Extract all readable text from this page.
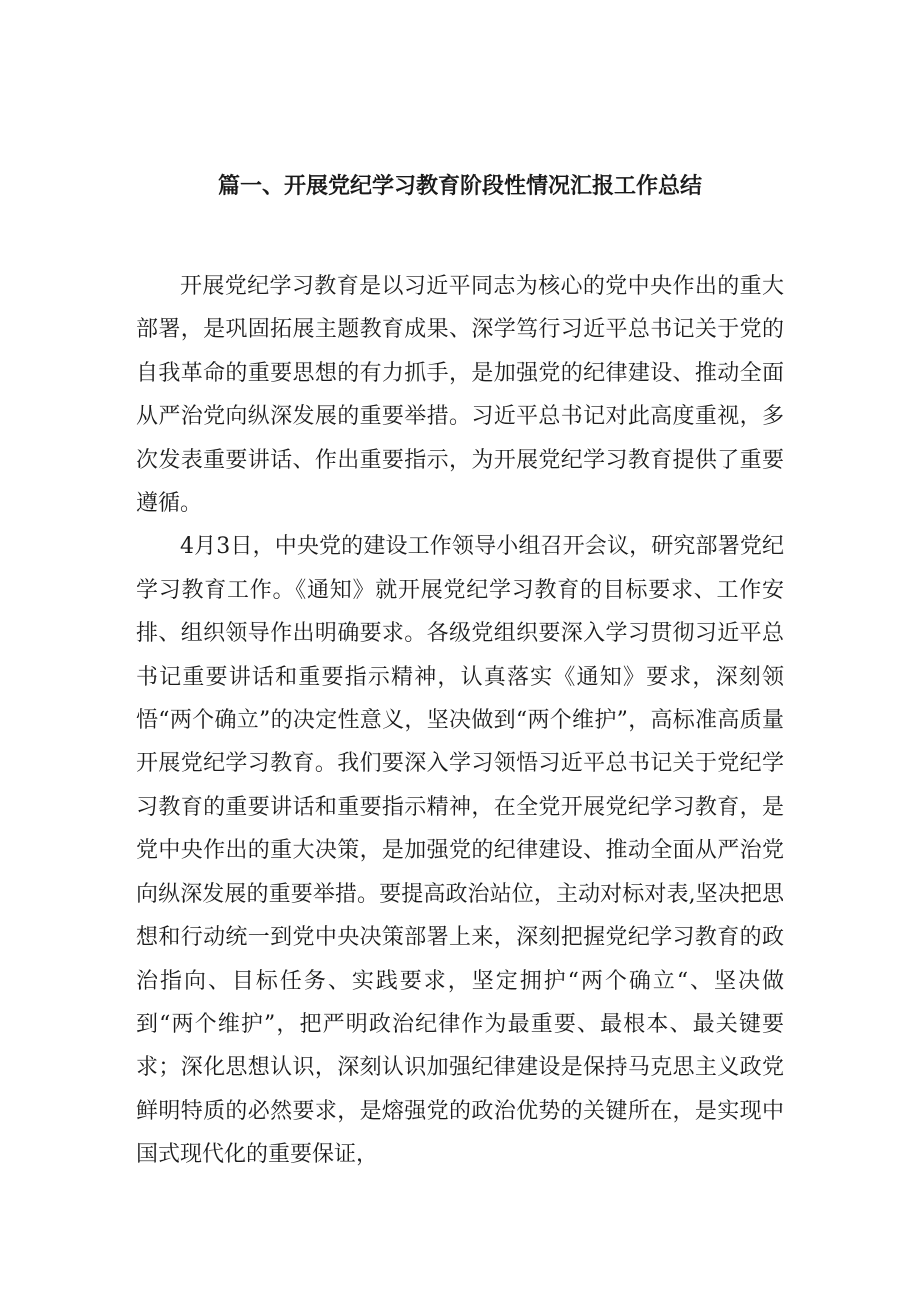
篇一、开展党纪学习教育阶段性情况汇报工作总结

开展党纪学习教育是以习近平同志为核心的党中央作出的重大部署，是巩固拓展主题教育成果、深学笃行习近平总书记关于党的自我革命的重要思想的有力抓手，是加强党的纪律建设、推动全面从严治党向纵深发展的重要举措。习近平总书记对此高度重视，多次发表重要讲话、作出重要指示，为开展党纪学习教育提供了重要遵循。

4月3日，中央党的建设工作领导小组召开会议，研究部署党纪学习教育工作。《通知》就开展党纪学习教育的目标要求、工作安排、组织领导作出明确要求。各级党组织要深入学习贯彻习近平总书记重要讲话和重要指示精神，认真落实《通知》要求，深刻领悟“两个确立”的决定性意义，坚决做到“两个维护”，高标准高质量开展党纪学习教育。我们要深入学习领悟习近平总书记关于党纪学习教育的重要讲话和重要指示精神，在全党开展党纪学习教育，是党中央作出的重大决策，是加强党的纪律建设、推动全面从严治党向纵深发展的重要举措。要提高政治站位，主动对标对表,坚决把思想和行动统一到党中央决策部署上来，深刻把握党纪学习教育的政治指向、目标任务、实践要求，坚定拥护“两个确立“、坚决做到“两个维护”，把严明政治纪律作为最重要、最根本、最关键要求；深化思想认识，深刻认识加强纪律建设是保持马克思主义政党鲜明特质的必然要求，是熔强党的政治优势的关键所在，是实现中国式现代化的重要保证，
